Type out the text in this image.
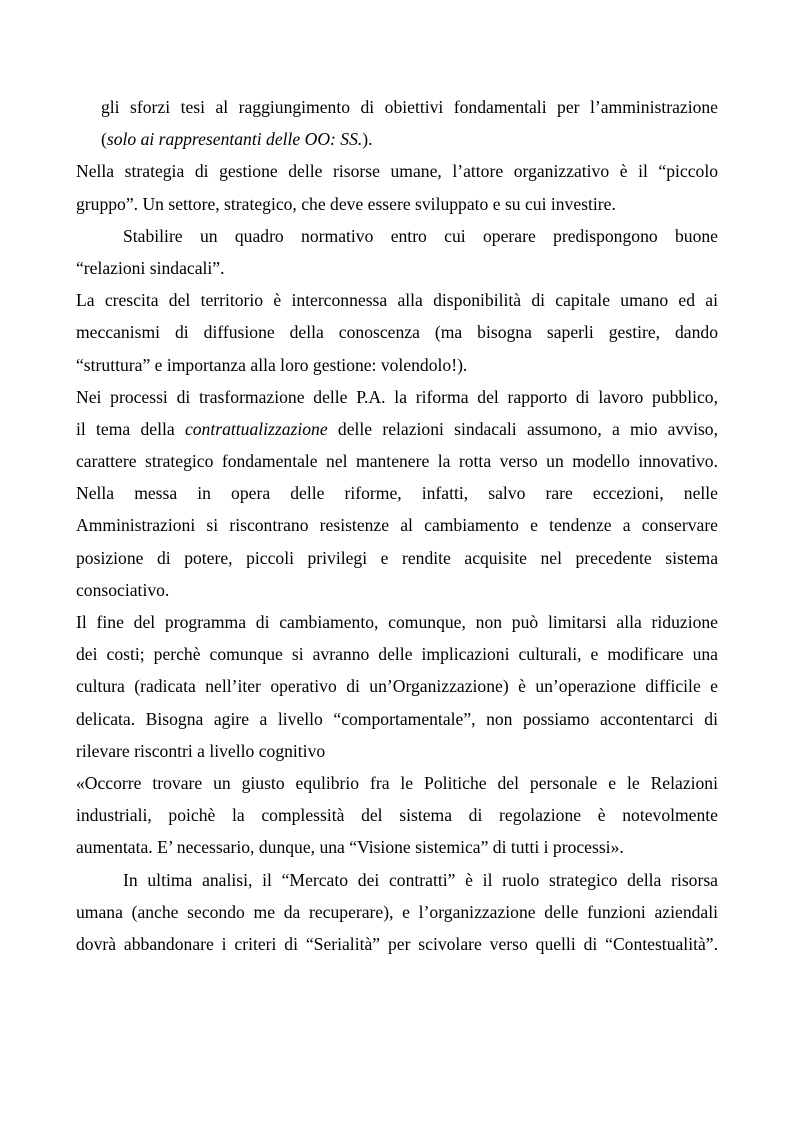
gli sforzi tesi al raggiungimento di obiettivi fondamentali per l’amministrazione
(solo ai rappresentanti delle OO: SS.).
Nella strategia di gestione delle risorse umane, l’attore organizzativo è il “piccolo
gruppo”. Un settore, strategico, che deve essere sviluppato e su cui investire.
Stabilire un quadro normativo entro cui operare predispongono buone
“relazioni sindacali”.
La crescita del territorio è interconnessa alla disponibilità di capitale umano ed ai
meccanismi di diffusione della conoscenza (ma bisogna saperli gestire, dando
“struttura” e importanza alla loro gestione: volendolo!).
Nei processi di trasformazione delle P.A. la riforma del rapporto di lavoro pubblico,
il tema della contrattualizzazione delle relazioni sindacali assumono, a mio avviso,
carattere strategico fondamentale nel mantenere la rotta verso un modello innovativo.
Nella messa in opera delle riforme, infatti, salvo rare eccezioni, nelle
Amministrazioni si riscontrano resistenze al cambiamento e tendenze a conservare
posizione di potere, piccoli privilegi e rendite acquisite nel precedente sistema
consociativo.
Il fine del programma di cambiamento, comunque, non può limitarsi alla riduzione
dei costi; perchè comunque si avranno delle implicazioni culturali, e modificare una
cultura (radicata nell’iter operativo di un’Organizzazione) è un’operazione difficile e
delicata. Bisogna agire a livello “comportamentale”, non possiamo accontentarci di
rilevare riscontri a livello cognitivo
«Occorre trovare un giusto equlibrio fra le Politiche del personale e le Relazioni
industriali, poichè la complessità del sistema di regolazione è notevolmente
aumentata. E’ necessario, dunque, una “Visione sistemica” di tutti i processi».
In ultima analisi, il “Mercato dei contratti” è il ruolo strategico della risorsa
umana (anche secondo me da recuperare), e l’organizzazione delle funzioni aziendali
dovrà abbandonare i criteri di “Serialità” per scivolare verso quelli di “Contestualità”.
